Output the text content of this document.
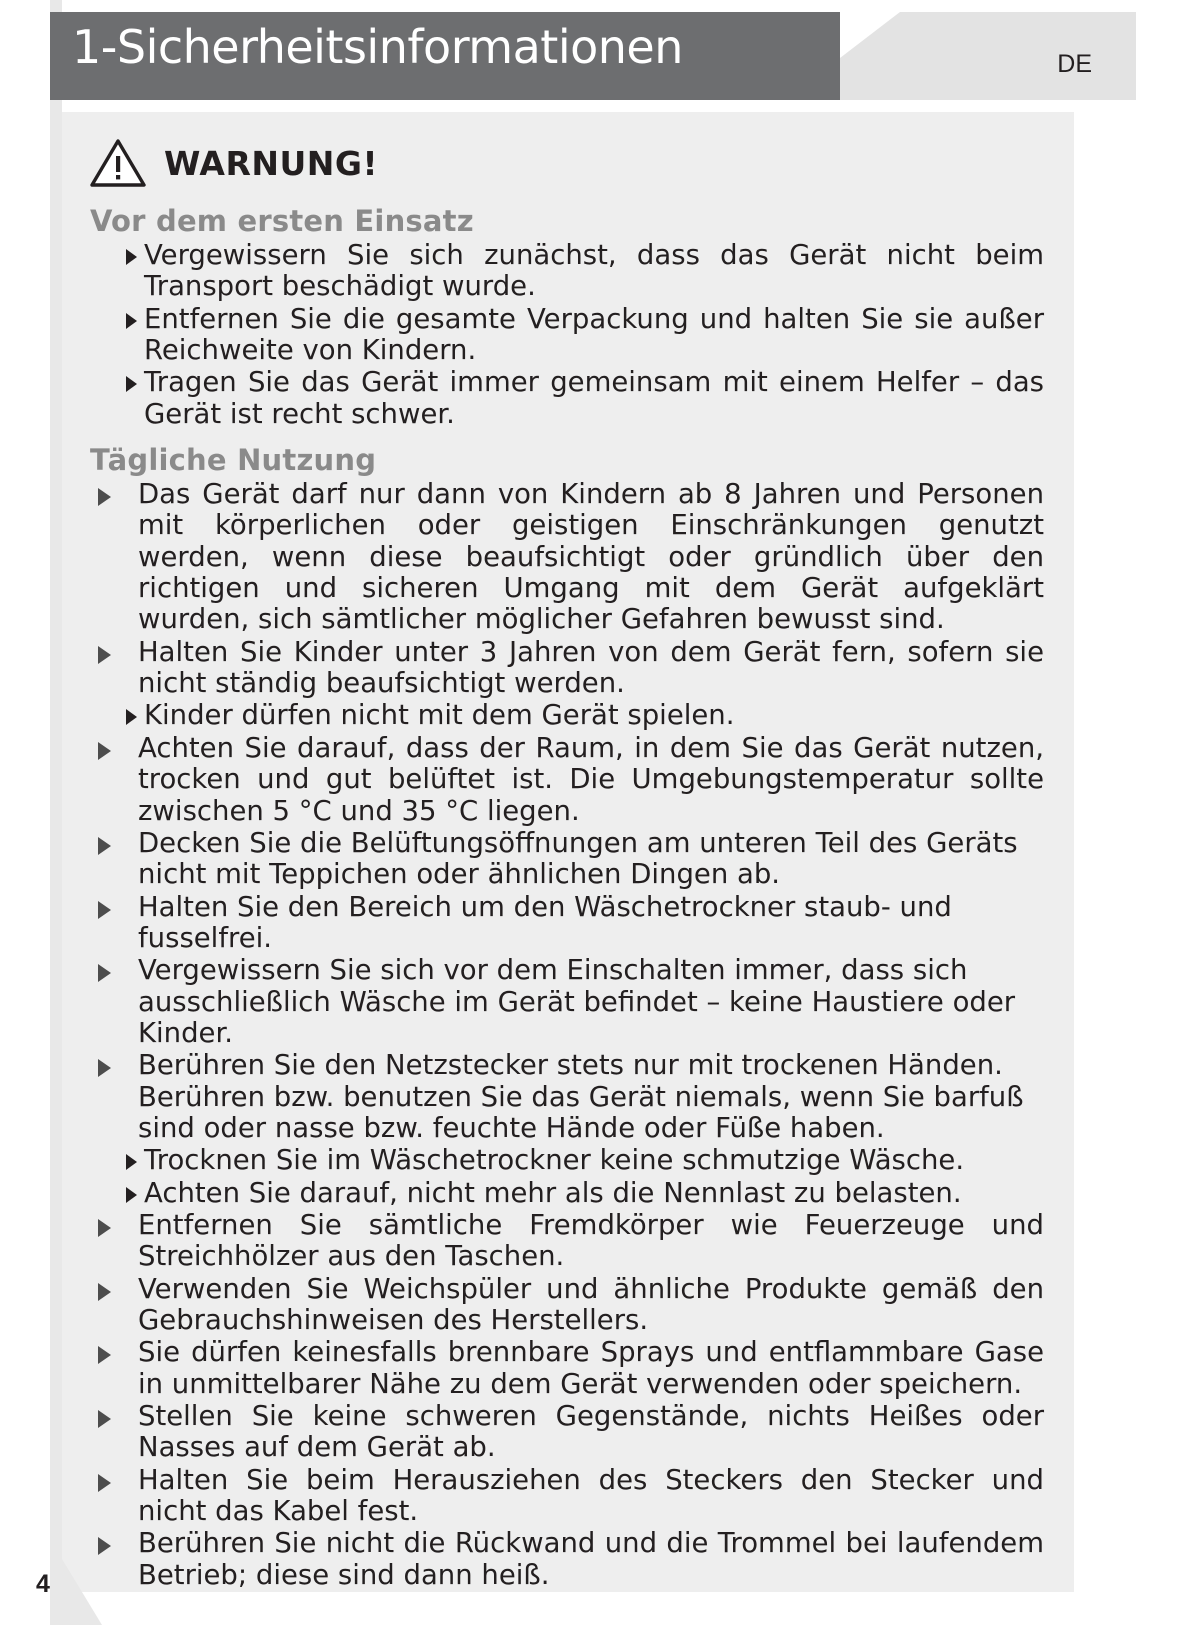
1-Sicherheitsinformationen	DE
WARNUNG!
Vor dem ersten Einsatz
Vergewissern Sie sich zunächst, dass das Gerät nicht beim Transport beschädigt wurde.
Entfernen Sie die gesamte Verpackung und halten Sie sie außer Reichweite von Kindern.
Tragen Sie das Gerät immer gemeinsam mit einem Helfer – das Gerät ist recht schwer.
Tägliche Nutzung
Das Gerät darf nur dann von Kindern ab 8 Jahren und Personen mit körperlichen oder geistigen Einschränkungen genutzt werden, wenn diese beaufsichtigt oder gründlich über den richtigen und sicheren Umgang mit dem Gerät aufgeklärt wurden, sich sämtlicher möglicher Gefahren bewusst sind.
Halten Sie Kinder unter 3 Jahren von dem Gerät fern, sofern sie nicht ständig beaufsichtigt werden.
Kinder dürfen nicht mit dem Gerät spielen.
Achten Sie darauf, dass der Raum, in dem Sie das Gerät nutzen, trocken und gut belüftet ist. Die Umgebungstemperatur sollte zwischen 5 °C und 35 °C liegen.
Decken Sie die Belüftungsöffnungen am unteren Teil des Geräts nicht mit Teppichen oder ähnlichen Dingen ab.
Halten Sie den Bereich um den Wäschetrockner staub- und fusselfrei.
Vergewissern Sie sich vor dem Einschalten immer, dass sich ausschließlich Wäsche im Gerät befindet – keine Haustiere oder Kinder.
Berühren Sie den Netzstecker stets nur mit trockenen Händen. Berühren bzw. benutzen Sie das Gerät niemals, wenn Sie barfuß sind oder nasse bzw. feuchte Hände oder Füße haben.
Trocknen Sie im Wäschetrockner keine schmutzige Wäsche.
Achten Sie darauf, nicht mehr als die Nennlast zu belasten.
Entfernen Sie sämtliche Fremdkörper wie Feuerzeuge und Streichhölzer aus den Taschen.
Verwenden Sie Weichspüler und ähnliche Produkte gemäß den Gebrauchshinweisen des Herstellers.
Sie dürfen keinesfalls brennbare Sprays und entflammbare Gase in unmittelbarer Nähe zu dem Gerät verwenden oder speichern.
Stellen Sie keine schweren Gegenstände, nichts Heißes oder Nasses auf dem Gerät ab.
Halten Sie beim Herausziehen des Steckers den Stecker und nicht das Kabel fest.
Berühren Sie nicht die Rückwand und die Trommel bei laufendem Betrieb; diese sind dann heiß.
4
